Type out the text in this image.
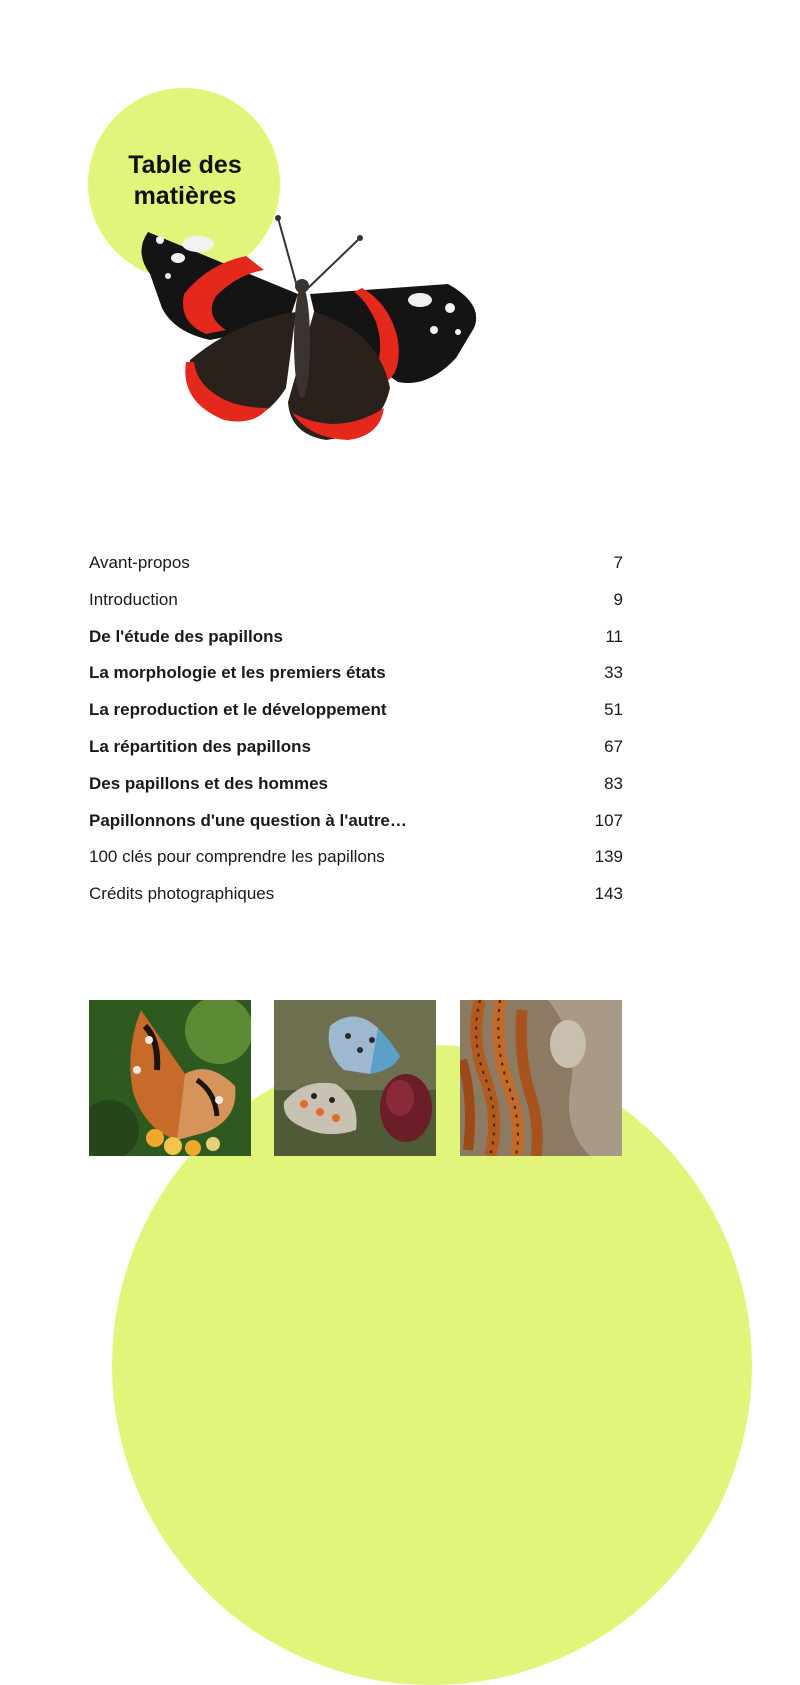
Table des
matières
Avant-propos	7
Introduction	9
De l'étude des papillons	11
La morphologie et les premiers états	33
La reproduction et le développement	51
La répartition des papillons	67
Des papillons et des hommes	83
Papillonnons d'une question à l'autre…	107
100 clés pour comprendre les papillons	139
Crédits photographiques	143
